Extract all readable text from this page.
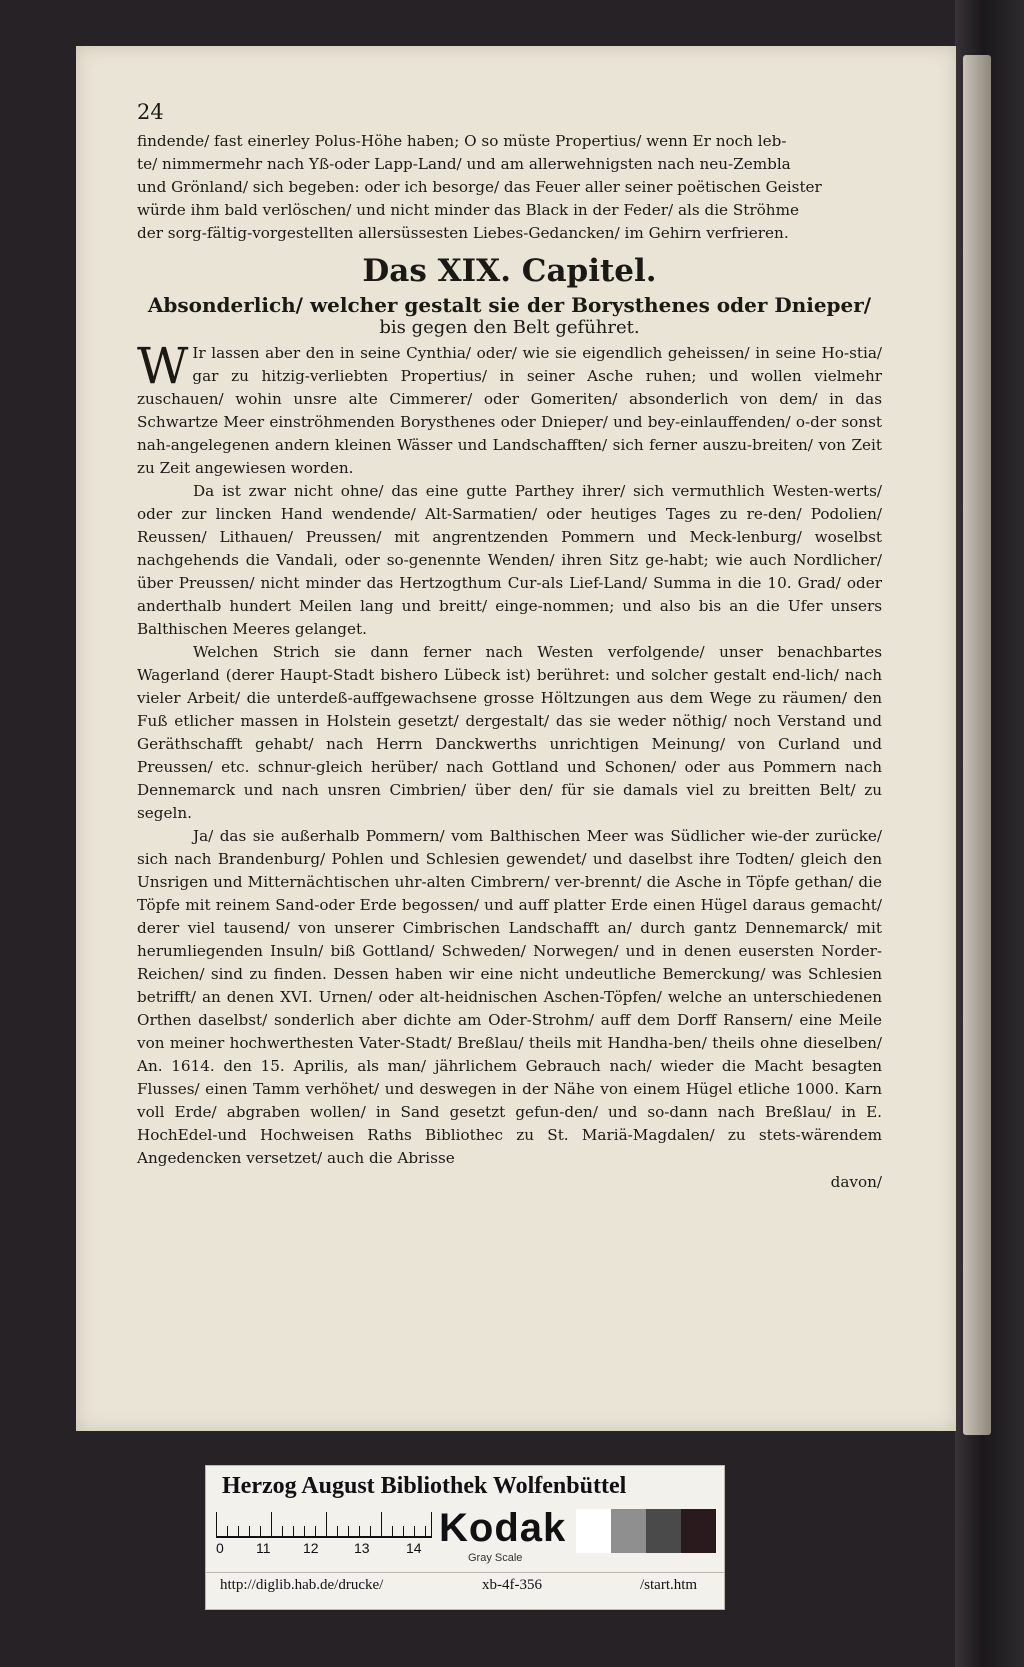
24

findende/ fast einerley Polus-Höhe haben; O so müste Propertius/ wenn Er noch leb-

te/ nimmermehr nach Yß-oder Lapp-Land/ und am allerwehnigsten nach neu-Zembla

und Grönland/ sich begeben: oder ich besorge/ das Feuer aller seiner poëtischen Geister

würde ihm bald verlöschen/ und nicht minder das Black in der Feder/ als die Ströhme

der sorg-fältig-vorgestellten allersüssesten Liebes-Gedancken/ im Gehirn verfrieren.

Das XIX. Capitel.
Absonderlich/ welcher gestalt sie der Borysthenes oder Dnieper/
bis gegen den Belt geführet.

WIr lassen aber den in seine Cynthia/ oder/ wie sie eigendlich geheissen/ in seine Ho-stia/ gar zu hitzig-verliebten Propertius/ in seiner Asche ruhen; und wollen vielmehr zuschauen/ wohin unsre alte Cimmerer/ oder Gomeriten/ absonderlich von dem/ in das Schwartze Meer einströhmenden Borysthenes oder Dnieper/ und bey-einlauffenden/ o-der sonst nah-angelegenen andern kleinen Wässer und Landschafften/ sich ferner auszu-breiten/ von Zeit zu Zeit angewiesen worden.

Da ist zwar nicht ohne/ das eine gutte Parthey ihrer/ sich vermuthlich Westen-werts/ oder zur lincken Hand wendende/ Alt-Sarmatien/ oder heutiges Tages zu re-den/ Podolien/ Reussen/ Lithauen/ Preussen/ mit angrentzenden Pommern und Meck-lenburg/ woselbst nachgehends die Vandali, oder so-genennte Wenden/ ihren Sitz ge-habt; wie auch Nordlicher/ über Preussen/ nicht minder das Hertzogthum Cur-als Lief-Land/ Summa in die 10. Grad/ oder anderthalb hundert Meilen lang und breitt/ einge-nommen; und also bis an die Ufer unsers Balthischen Meeres gelanget.

Welchen Strich sie dann ferner nach Westen verfolgende/ unser benachbartes Wagerland (derer Haupt-Stadt bishero Lübeck ist) berühret: und solcher gestalt end-lich/ nach vieler Arbeit/ die unterdeß-auffgewachsene grosse Höltzungen aus dem Wege zu räumen/ den Fuß etlicher massen in Holstein gesetzt/ dergestalt/ das sie weder nöthig/ noch Verstand und Geräthschafft gehabt/ nach Herrn Danckwerths unrichtigen Meinung/ von Curland und Preussen/ etc. schnur-gleich herüber/ nach Gottland und Schonen/ oder aus Pommern nach Dennemarck und nach unsren Cimbrien/ über den/ für sie damals viel zu breitten Belt/ zu segeln.

Ja/ das sie außerhalb Pommern/ vom Balthischen Meer was Südlicher wie-der zurücke/ sich nach Brandenburg/ Pohlen und Schlesien gewendet/ und daselbst ihre Todten/ gleich den Unsrigen und Mitternächtischen uhr-alten Cimbrern/ ver-brennt/ die Asche in Töpfe gethan/ die Töpfe mit reinem Sand-oder Erde begossen/ und auff platter Erde einen Hügel daraus gemacht/ derer viel tausend/ von unserer Cimbrischen Landschafft an/ durch gantz Dennemarck/ mit herumliegenden Insuln/ biß Gottland/ Schweden/ Norwegen/ und in denen eusersten Norder-Reichen/ sind zu finden. Dessen haben wir eine nicht undeutliche Bemerckung/ was Schlesien betrifft/ an denen XVI. Urnen/ oder alt-heidnischen Aschen-Töpfen/ welche an unterschiedenen Orthen daselbst/ sonderlich aber dichte am Oder-Strohm/ auff dem Dorff Ransern/ eine Meile von meiner hochwerthesten Vater-Stadt/ Breßlau/ theils mit Handha-ben/ theils ohne dieselben/ An. 1614. den 15. Aprilis, als man/ jährlichem Gebrauch nach/ wieder die Macht besagten Flusses/ einen Tamm verhöhet/ und deswegen in der Nähe von einem Hügel etliche 1000. Karn voll Erde/ abgraben wollen/ in Sand gesetzt gefun-den/ und so-dann nach Breßlau/ in E. HochEdel-und Hochweisen Raths Bibliothec zu St. Mariä-Magdalen/ zu stets-wärendem Angedencken versetzet/ auch die Abrisse

davon/
Herzog August Bibliothek Wolfenbüttel
0 11 12	13	14 Kodak
Gray Scale
http://diglib.hab.de/drucke/	xb-4f-356	/start.htm
